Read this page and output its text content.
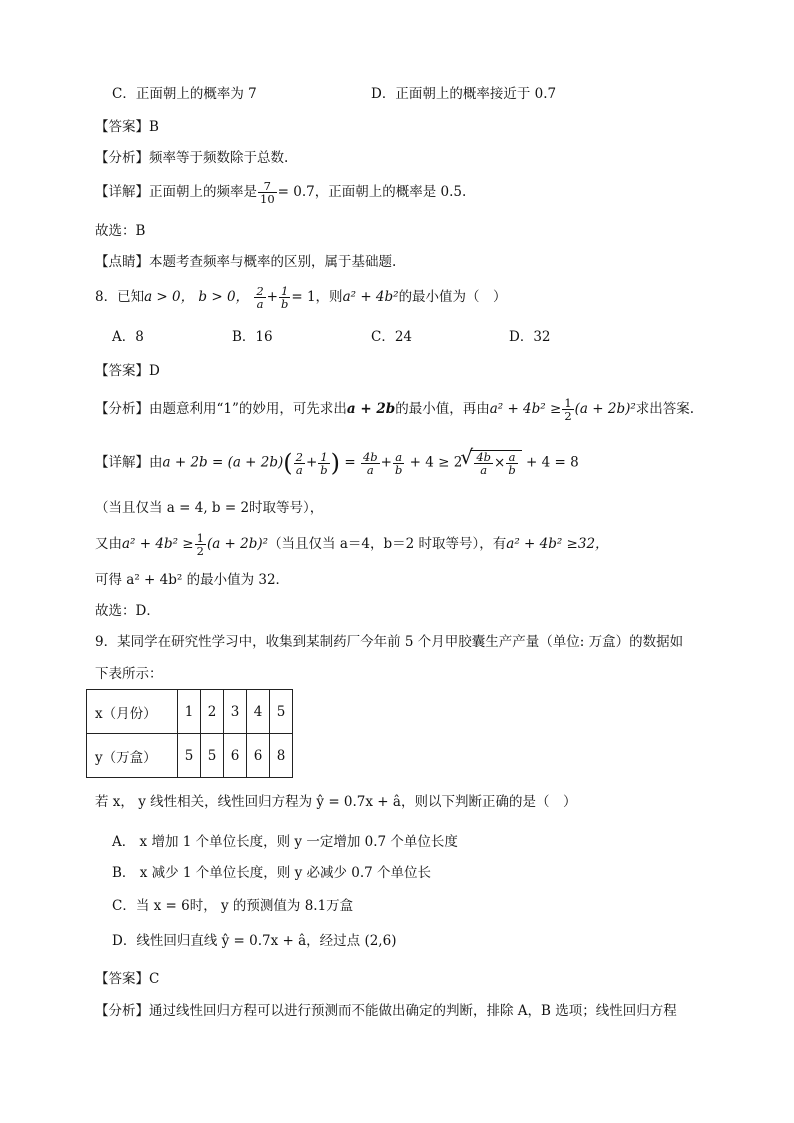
C．正面朝上的概率为 7	D．正面朝上的概率接近于 0.7
【答案】B
【分析】频率等于频数除于总数.
【详解】正面朝上的频率是 $\frac{7}{10} = 0.7$，正面朝上的概率是 0.5.
故选：B
【点睛】本题考查频率与概率的区别，属于基础题.
8．已知a > 0， b > 0， $\frac{2}{a} + \frac{1}{b} = 1$，则a² + 4b²的最小值为（　）
A．8	B．16	C．24	D．32
【答案】D
【分析】由题意利用“1”的妙用，可先求出a + 2b的最小值，再由$a^2 + 4b^2 \ge \frac{1}{2} (a + 2b)^2$求出答案.
【详解】由$a + 2b = (a + 2b)( \frac{2}{a} + \frac{1}{b}$ ) = $\frac{4b}{a} + \frac{a}{b} + 4 \ge 2$ √ $\frac{4b}{a} \times \frac{a}{b} + 4 = 8$
（当且仅当 a = 4, b = 2时取等号），
又由$a^2 + 4b^2 \ge \frac{1}{2} (a + 2b)^2$（当且仅当 a＝4，b＝2 时取等号），有a² + 4b² ≥32，
可得 a² + 4b² 的最小值为 32．
故选：D．
9．某同学在研究性学习中，收集到某制药厂今年前 5 个月甲胶囊生产产量（单位: 万盒）的数据如
下表所示：
x（月份）	1	2	3	4	5
y（万盒）	5	5	6	6	8
若 x， y 线性相关，线性回归方程为 ŷ = 0.7x + â，则以下判断正确的是（　）
A． x 增加 1 个单位长度，则 y 一定增加 0.7 个单位长度
B． x 减少 1 个单位长度，则 y 必减少 0.7 个单位长
C．当 x = 6时， y 的预测值为 8.1万盒
D．线性回归直线 ŷ = 0.7x + â，经过点 (2,6)
【答案】C
【分析】通过线性回归方程可以进行预测而不能做出确定的判断，排除 A，B 选项；线性回归方程
